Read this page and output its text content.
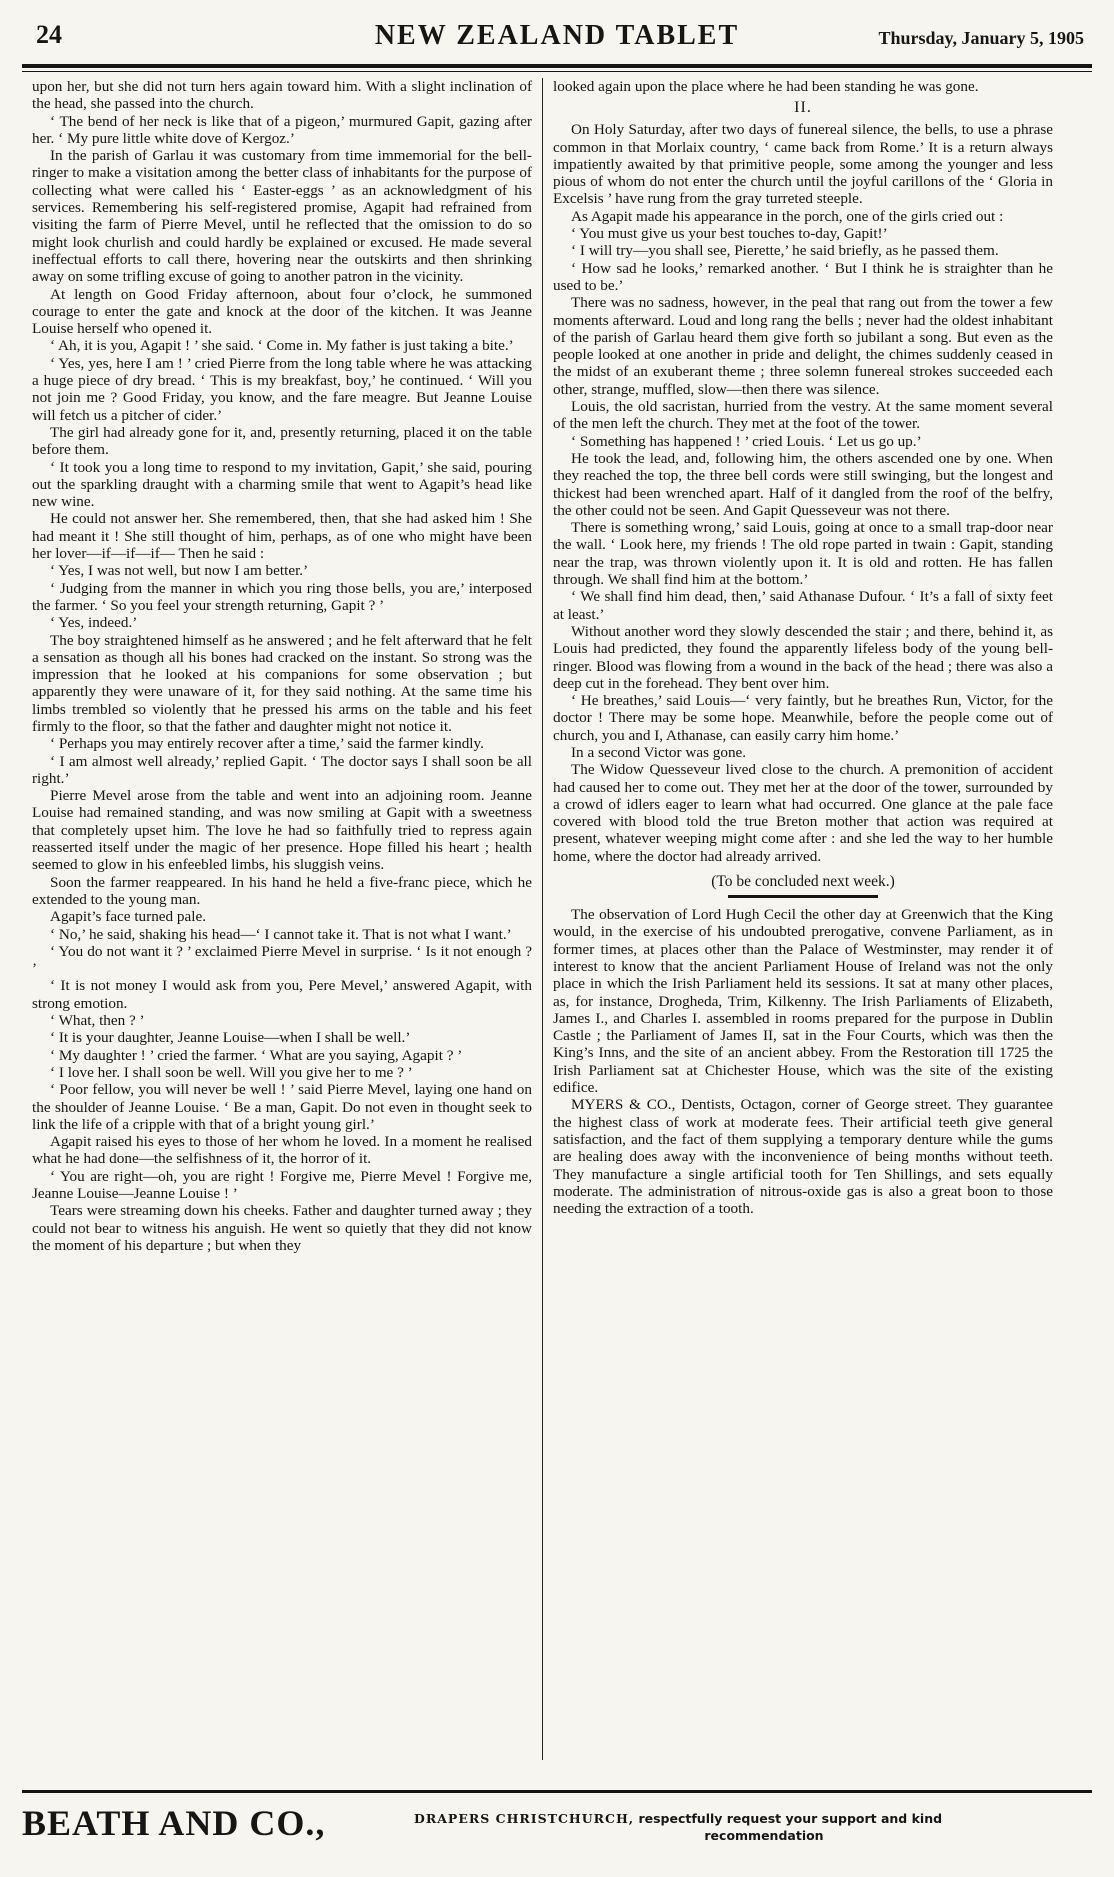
24	NEW ZEALAND TABLET	Thursday, January 5, 1905

upon her, but she did not turn hers again toward him. With a slight inclination of the head, she passed into the church.

‘ The bend of her neck is like that of a pigeon,’ murmured Gapit, gazing after her. ‘ My pure little white dove of Kergoz.’

In the parish of Garlau it was customary from time immemorial for the bell-ringer to make a visitation among the better class of inhabitants for the purpose of collecting what were called his ‘ Easter-eggs ’ as an acknowledgment of his services. Remembering his self-registered promise, Agapit had refrained from visiting the farm of Pierre Mevel, until he reflected that the omission to do so might look churlish and could hardly be explained or excused. He made several ineffectual efforts to call there, hovering near the outskirts and then shrinking away on some trifling excuse of going to another patron in the vicinity.

At length on Good Friday afternoon, about four o’clock, he summoned courage to enter the gate and knock at the door of the kitchen. It was Jeanne Louise herself who opened it.

‘ Ah, it is you, Agapit ! ’ she said. ‘ Come in. My father is just taking a bite.’

‘ Yes, yes, here I am ! ’ cried Pierre from the long table where he was attacking a huge piece of dry bread. ‘ This is my breakfast, boy,’ he continued. ‘ Will you not join me ? Good Friday, you know, and the fare meagre. But Jeanne Louise will fetch us a pitcher of cider.’

The girl had already gone for it, and, presently returning, placed it on the table before them.

‘ It took you a long time to respond to my invitation, Gapit,’ she said, pouring out the sparkling draught with a charming smile that went to Agapit’s head like new wine.

He could not answer her. She remembered, then, that she had asked him ! She had meant it ! She still thought of him, perhaps, as of one who might have been her lover—if—if—if— Then he said :

‘ Yes, I was not well, but now I am better.’

‘ Judging from the manner in which you ring those bells, you are,’ interposed the farmer. ‘ So you feel your strength returning, Gapit ? ’

‘ Yes, indeed.’

The boy straightened himself as he answered ; and he felt afterward that he felt a sensation as though all his bones had cracked on the instant. So strong was the impression that he looked at his companions for some observation ; but apparently they were unaware of it, for they said nothing. At the same time his limbs trembled so violently that he pressed his arms on the table and his feet firmly to the floor, so that the father and daughter might not notice it.

‘ Perhaps you may entirely recover after a time,’ said the farmer kindly.

‘ I am almost well already,’ replied Gapit. ‘ The doctor says I shall soon be all right.’

Pierre Mevel arose from the table and went into an adjoining room. Jeanne Louise had remained standing, and was now smiling at Gapit with a sweetness that completely upset him. The love he had so faithfully tried to repress again reasserted itself under the magic of her presence. Hope filled his heart ; health seemed to glow in his enfeebled limbs, his sluggish veins.

Soon the farmer reappeared. In his hand he held a five-franc piece, which he extended to the young man.

Agapit’s face turned pale.

‘ No,’ he said, shaking his head—‘ I cannot take it. That is not what I want.’

‘ You do not want it ? ’ exclaimed Pierre Mevel in surprise. ‘ Is it not enough ? ’

‘ It is not money I would ask from you, Pere Mevel,’ answered Agapit, with strong emotion.

‘ What, then ? ’

‘ It is your daughter, Jeanne Louise—when I shall be well.’

‘ My daughter ! ’ cried the farmer. ‘ What are you saying, Agapit ? ’

‘ I love her. I shall soon be well. Will you give her to me ? ’

‘ Poor fellow, you will never be well ! ’ said Pierre Mevel, laying one hand on the shoulder of Jeanne Louise. ‘ Be a man, Gapit. Do not even in thought seek to link the life of a cripple with that of a bright young girl.’

Agapit raised his eyes to those of her whom he loved. In a moment he realised what he had done—the selfishness of it, the horror of it.

‘ You are right—oh, you are right ! Forgive me, Pierre Mevel ! Forgive me, Jeanne Louise—Jeanne Louise ! ’

Tears were streaming down his cheeks. Father and daughter turned away ; they could not bear to witness his anguish. He went so quietly that they did not know the moment of his departure ; but when they

looked again upon the place where he had been standing he was gone.

II.

On Holy Saturday, after two days of funereal silence, the bells, to use a phrase common in that Morlaix country, ‘ came back from Rome.’ It is a return always impatiently awaited by that primitive people, some among the younger and less pious of whom do not enter the church until the joyful carillons of the ‘ Gloria in Excelsis ’ have rung from the gray turreted steeple.

As Agapit made his appearance in the porch, one of the girls cried out :

‘ You must give us your best touches to-day, Gapit!’

‘ I will try—you shall see, Pierette,’ he said briefly, as he passed them.

‘ How sad he looks,’ remarked another. ‘ But I think he is straighter than he used to be.’

There was no sadness, however, in the peal that rang out from the tower a few moments afterward. Loud and long rang the bells ; never had the oldest inhabitant of the parish of Garlau heard them give forth so jubilant a song. But even as the people looked at one another in pride and delight, the chimes suddenly ceased in the midst of an exuberant theme ; three solemn funereal strokes succeeded each other, strange, muffled, slow—then there was silence.

Louis, the old sacristan, hurried from the vestry. At the same moment several of the men left the church. They met at the foot of the tower.

‘ Something has happened ! ’ cried Louis. ‘ Let us go up.’

He took the lead, and, following him, the others ascended one by one. When they reached the top, the three bell cords were still swinging, but the longest and thickest had been wrenched apart. Half of it dangled from the roof of the belfry, the other could not be seen. And Gapit Quesseveur was not there.

There is something wrong,’ said Louis, going at once to a small trap-door near the wall. ‘ Look here, my friends ! The old rope parted in twain : Gapit, standing near the trap, was thrown violently upon it. It is old and rotten. He has fallen through. We shall find him at the bottom.’

‘ We shall find him dead, then,’ said Athanase Dufour. ‘ It’s a fall of sixty feet at least.’

Without another word they slowly descended the stair ; and there, behind it, as Louis had predicted, they found the apparently lifeless body of the young bell-ringer. Blood was flowing from a wound in the back of the head ; there was also a deep cut in the forehead. They bent over him.

‘ He breathes,’ said Louis—‘ very faintly, but he breathes Run, Victor, for the doctor ! There may be some hope. Meanwhile, before the people come out of church, you and I, Athanase, can easily carry him home.’

In a second Victor was gone.

The Widow Quesseveur lived close to the church. A premonition of accident had caused her to come out. They met her at the door of the tower, surrounded by a crowd of idlers eager to learn what had occurred. One glance at the pale face covered with blood told the true Breton mother that action was required at present, whatever weeping might come after : and she led the way to her humble home, where the doctor had already arrived.

(To be concluded next week.)

The observation of Lord Hugh Cecil the other day at Greenwich that the King would, in the exercise of his undoubted prerogative, convene Parliament, as in former times, at places other than the Palace of Westminster, may render it of interest to know that the ancient Parliament House of Ireland was not the only place in which the Irish Parliament held its sessions. It sat at many other places, as, for instance, Drogheda, Trim, Kilkenny. The Irish Parliaments of Elizabeth, James I., and Charles I. assembled in rooms prepared for the purpose in Dublin Castle ; the Parliament of James II, sat in the Four Courts, which was then the King’s Inns, and the site of an ancient abbey. From the Restoration till 1725 the Irish Parliament sat at Chichester House, which was the site of the existing edifice.

MYERS & CO., Dentists, Octagon, corner of George street. They guarantee the highest class of work at moderate fees. Their artificial teeth give general satisfaction, and the fact of them supplying a temporary denture while the gums are healing does away with the inconvenience of being months without teeth. They manufacture a single artificial tooth for Ten Shillings, and sets equally moderate. The administration of nitrous-oxide gas is also a great boon to those needing the extraction of a tooth.

BEATH AND CO.,	DRAPERS CHRISTCHURCH, respectfully request your support and kind
recommendation
